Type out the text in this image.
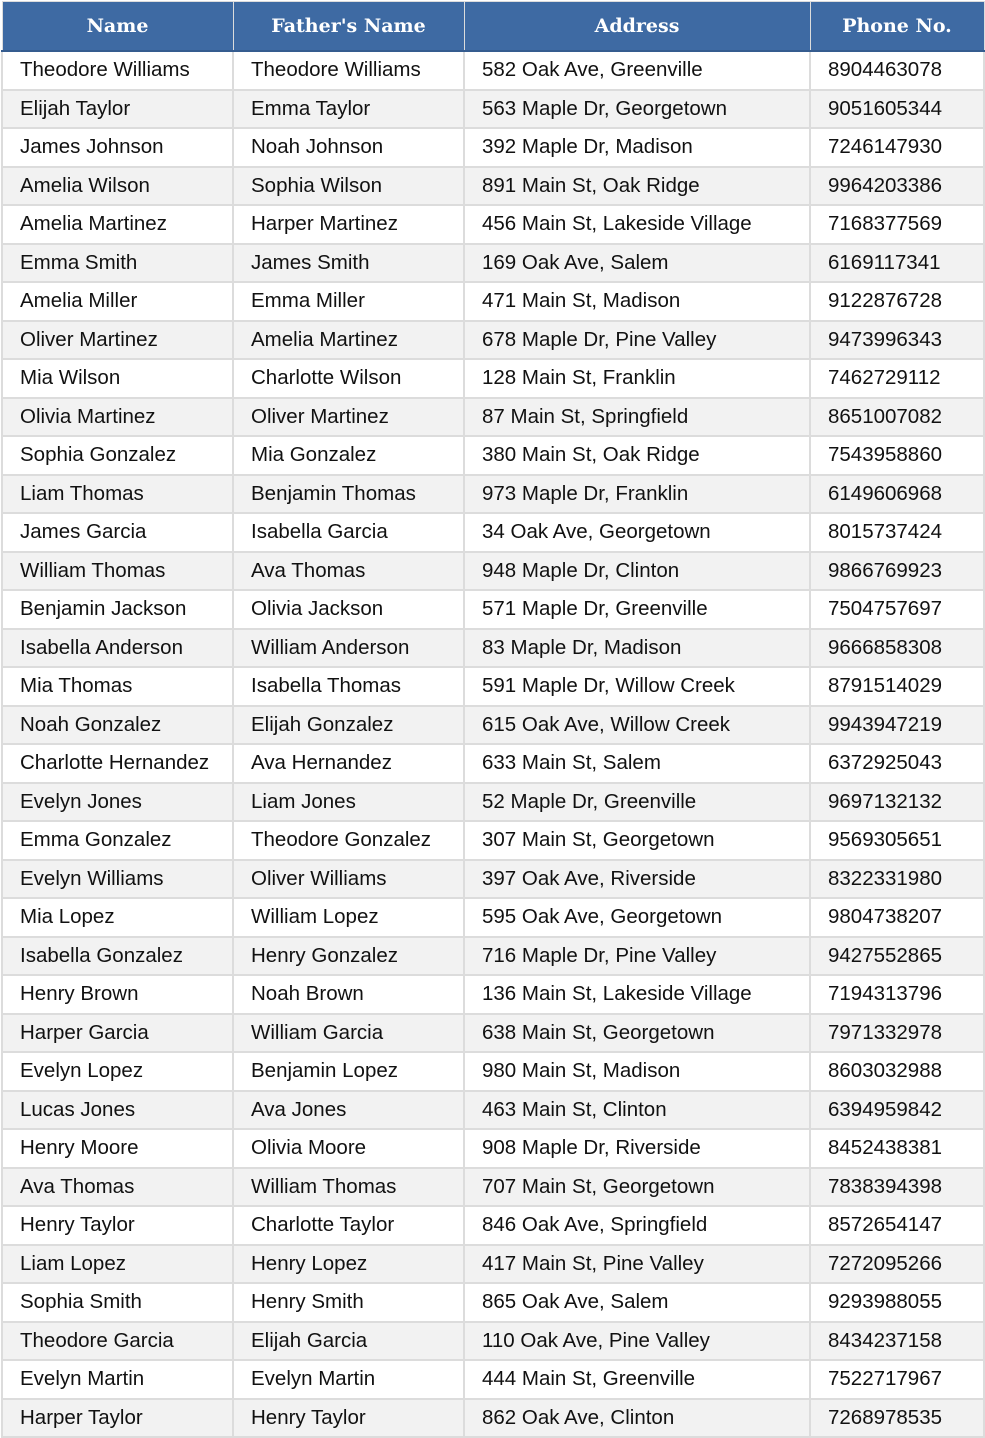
Name	Father's Name	Address	Phone No.
Theodore Williams	Theodore Williams	582 Oak Ave, Greenville	8904463078
Elijah Taylor	Emma Taylor	563 Maple Dr, Georgetown	9051605344
James Johnson	Noah Johnson	392 Maple Dr, Madison	7246147930
Amelia Wilson	Sophia Wilson	891 Main St, Oak Ridge	9964203386
Amelia Martinez	Harper Martinez	456 Main St, Lakeside Village	7168377569
Emma Smith	James Smith	169 Oak Ave, Salem	6169117341
Amelia Miller	Emma Miller	471 Main St, Madison	9122876728
Oliver Martinez	Amelia Martinez	678 Maple Dr, Pine Valley	9473996343
Mia Wilson	Charlotte Wilson	128 Main St, Franklin	7462729112
Olivia Martinez	Oliver Martinez	87 Main St, Springfield	8651007082
Sophia Gonzalez	Mia Gonzalez	380 Main St, Oak Ridge	7543958860
Liam Thomas	Benjamin Thomas	973 Maple Dr, Franklin	6149606968
James Garcia	Isabella Garcia	34 Oak Ave, Georgetown	8015737424
William Thomas	Ava Thomas	948 Maple Dr, Clinton	9866769923
Benjamin Jackson	Olivia Jackson	571 Maple Dr, Greenville	7504757697
Isabella Anderson	William Anderson	83 Maple Dr, Madison	9666858308
Mia Thomas	Isabella Thomas	591 Maple Dr, Willow Creek	8791514029
Noah Gonzalez	Elijah Gonzalez	615 Oak Ave, Willow Creek	9943947219
Charlotte Hernandez	Ava Hernandez	633 Main St, Salem	6372925043
Evelyn Jones	Liam Jones	52 Maple Dr, Greenville	9697132132
Emma Gonzalez	Theodore Gonzalez	307 Main St, Georgetown	9569305651
Evelyn Williams	Oliver Williams	397 Oak Ave, Riverside	8322331980
Mia Lopez	William Lopez	595 Oak Ave, Georgetown	9804738207
Isabella Gonzalez	Henry Gonzalez	716 Maple Dr, Pine Valley	9427552865
Henry Brown	Noah Brown	136 Main St, Lakeside Village	7194313796
Harper Garcia	William Garcia	638 Main St, Georgetown	7971332978
Evelyn Lopez	Benjamin Lopez	980 Main St, Madison	8603032988
Lucas Jones	Ava Jones	463 Main St, Clinton	6394959842
Henry Moore	Olivia Moore	908 Maple Dr, Riverside	8452438381
Ava Thomas	William Thomas	707 Main St, Georgetown	7838394398
Henry Taylor	Charlotte Taylor	846 Oak Ave, Springfield	8572654147
Liam Lopez	Henry Lopez	417 Main St, Pine Valley	7272095266
Sophia Smith	Henry Smith	865 Oak Ave, Salem	9293988055
Theodore Garcia	Elijah Garcia	110 Oak Ave, Pine Valley	8434237158
Evelyn Martin	Evelyn Martin	444 Main St, Greenville	7522717967
Harper Taylor	Henry Taylor	862 Oak Ave, Clinton	7268978535
